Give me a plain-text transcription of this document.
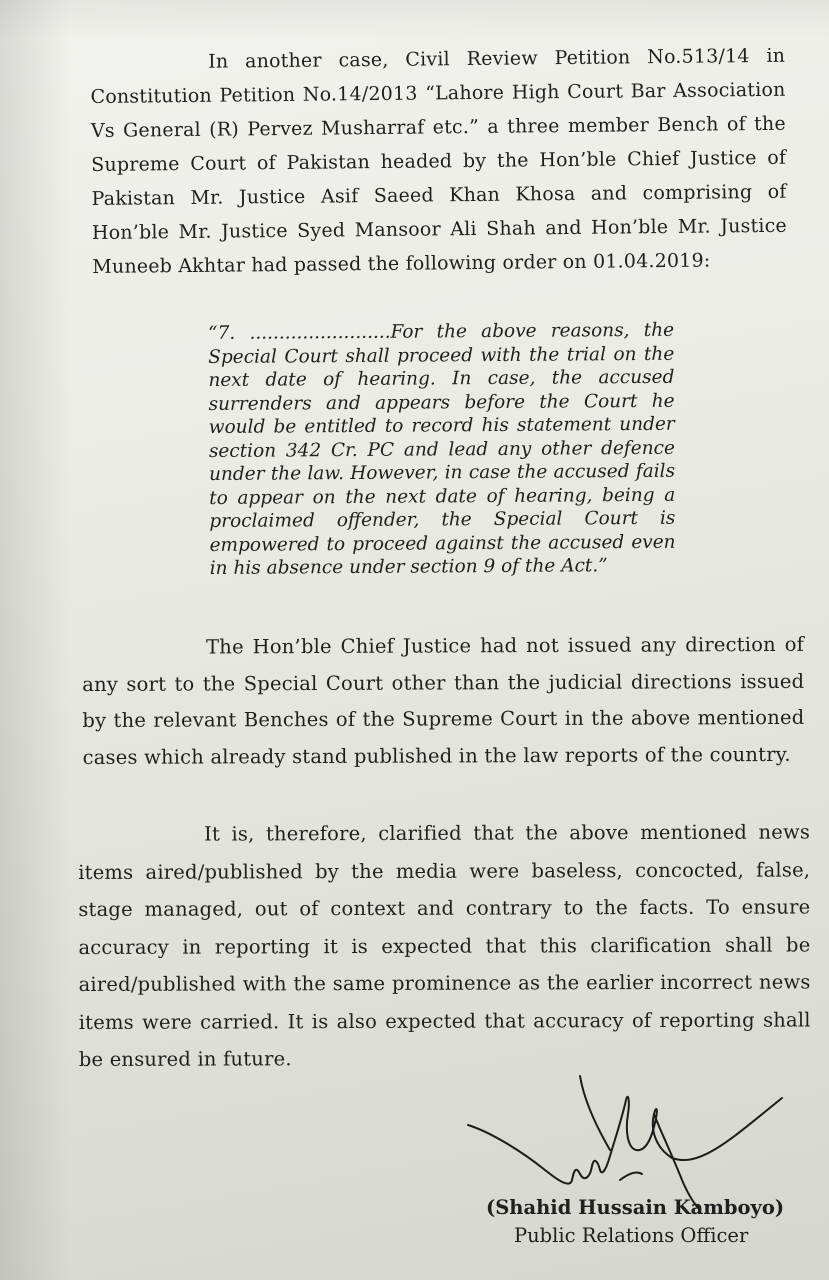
In another case, Civil Review Petition No.513/14 in Constitution Petition No.14/2013 “Lahore High Court Bar Association Vs General (R) Pervez Musharraf etc.” a three member Bench of the Supreme Court of Pakistan headed by the Hon’ble Chief Justice of Pakistan Mr. Justice Asif Saeed Khan Khosa and comprising of Hon’ble Mr. Justice Syed Mansoor Ali Shah and Hon’ble Mr. Justice Muneeb Akhtar had passed the following order on 01.04.2019:

“7. ........................For the above reasons, the Special Court shall proceed with the trial on the next date of hearing. In case, the accused surrenders and appears before the Court he would be entitled to record his statement under section 342 Cr. PC and lead any other defence under the law. However, in case the accused fails to appear on the next date of hearing, being a proclaimed offender, the Special Court is empowered to proceed against the accused even in his absence under section 9 of the Act.”

The Hon’ble Chief Justice had not issued any direction of any sort to the Special Court other than the judicial directions issued by the relevant Benches of the Supreme Court in the above mentioned cases which already stand published in the law reports of the country.

It is, therefore, clarified that the above mentioned news items aired/published by the media were baseless, concocted, false, stage managed, out of context and contrary to the facts. To ensure accuracy in reporting it is expected that this clarification shall be aired/published with the same prominence as the earlier incorrect news items were carried. It is also expected that accuracy of reporting shall be ensured in future.

(Shahid Hussain Kamboyo)
Public Relations Officer
